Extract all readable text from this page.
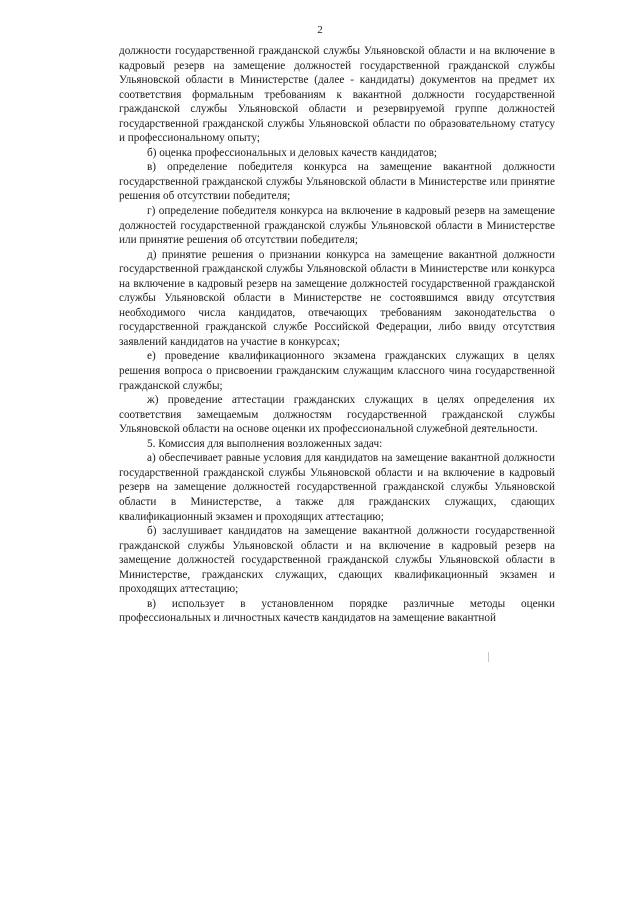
2

должности государственной гражданской службы Ульяновской области и на включение в кадровый резерв на замещение должностей государственной гражданской службы Ульяновской области в Министерстве (далее - кандидаты) документов на предмет их соответствия формальным требованиям к вакантной должности государственной гражданской службы Ульяновской области и резервируемой группе должностей государственной гражданской службы Ульяновской области по образовательному статусу и профессиональному опыту;

б) оценка профессиональных и деловых качеств кандидатов;

в) определение победителя конкурса на замещение вакантной должности государственной гражданской службы Ульяновской области в Министерстве или принятие решения об отсутствии победителя;

г) определение победителя конкурса на включение в кадровый резерв на замещение должностей государственной гражданской службы Ульяновской области в Министерстве или принятие решения об отсутствии победителя;

д) принятие решения о признании конкурса на замещение вакантной должности государственной гражданской службы Ульяновской области в Министерстве или конкурса на включение в кадровый резерв на замещение должностей государственной гражданской службы Ульяновской области в Министерстве не состоявшимся ввиду отсутствия необходимого числа кандидатов, отвечающих требованиям законодательства о государственной гражданской службе Российской Федерации, либо ввиду отсутствия заявлений кандидатов на участие в конкурсах;

е) проведение квалификационного экзамена гражданских служащих в целях решения вопроса о присвоении гражданским служащим классного чина государственной гражданской службы;

ж) проведение аттестации гражданских служащих в целях определения их соответствия замещаемым должностям государственной гражданской службы Ульяновской области на основе оценки их профессиональной служебной деятельности.

5. Комиссия для выполнения возложенных задач:

а) обеспечивает равные условия для кандидатов на замещение вакантной должности государственной гражданской службы Ульяновской области и на включение в кадровый резерв на замещение должностей государственной гражданской службы Ульяновской области в Министерстве, а также для гражданских служащих, сдающих квалификационный экзамен и проходящих аттестацию;

б) заслушивает кандидатов на замещение вакантной должности государственной гражданской службы Ульяновской области и на включение в кадровый резерв на замещение должностей государственной гражданской службы Ульяновской области в Министерстве, гражданских служащих, сдающих квалификационный экзамен и проходящих аттестацию;

в) использует в установленном порядке различные методы оценки профессиональных и личностных качеств кандидатов на замещение вакантной
